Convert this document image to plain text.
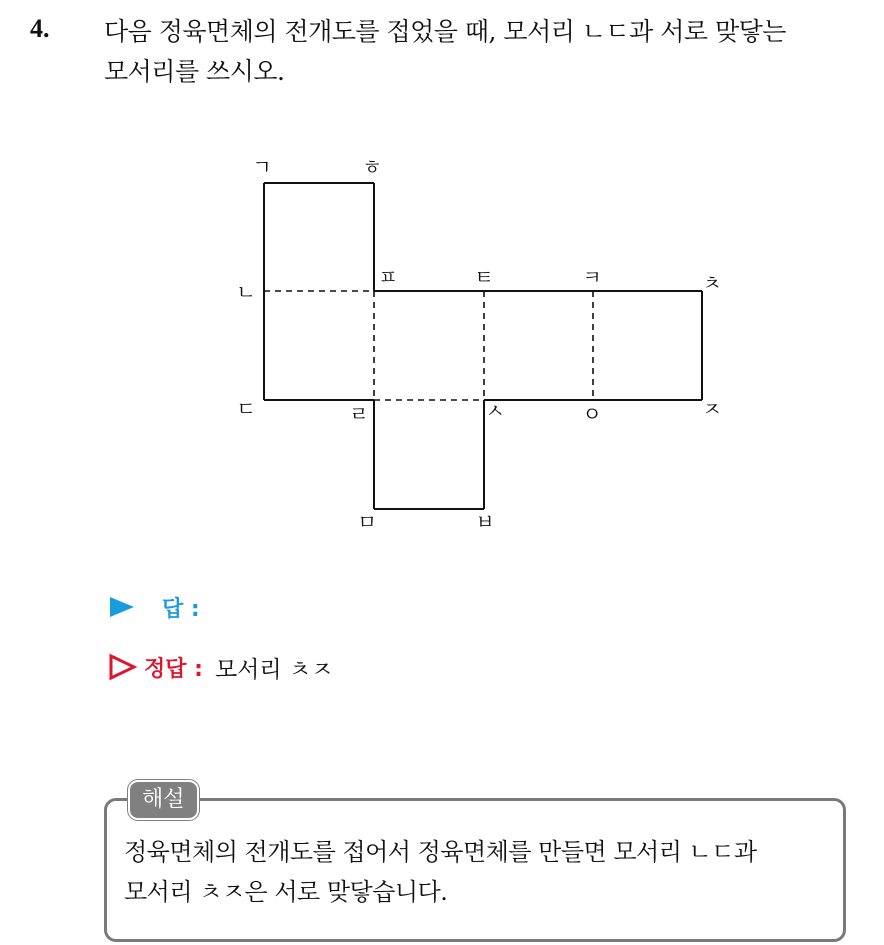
4. 다음 정육면체의 전개도를 접었을 때, 모서리 ㄴㄷ과 서로 맞닿는
모서리를 쓰시오.
ㄱ	ㅎ
ㄴ
ㅍ	ㅌ	ㅋ	ㅊ
ㄷ	ㄹ	ㅅ	ㅇ	ㅈ
ㅁ	ㅂ
답 :
정답 : 모서리 ㅊㅈ
해설
정육면체의 전개도를 접어서 정육면체를 만들면 모서리 ㄴㄷ과
모서리 ㅊㅈ은 서로 맞닿습니다.
